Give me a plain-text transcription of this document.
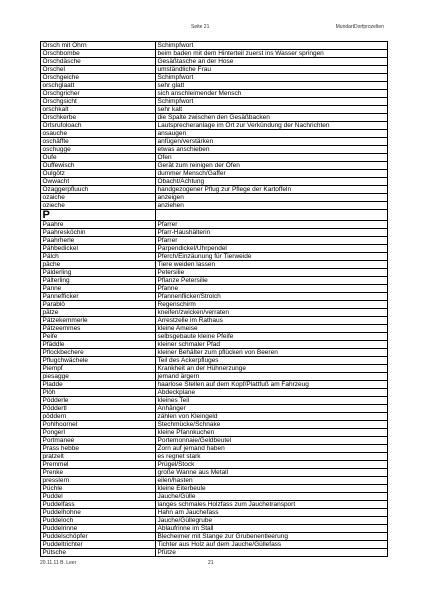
Seite 21	MundartDorfprozelten
Orsch mit Ohrn	Schimpfwort
Orschbombe	beim baden mit dem Hinterteil zuerst ins Wasser springen
Orschdäsche	Gesäßtasche an der Hose
Orschel	umständliche Frau
Orschgeiche	Schimpfwort
orschglaatt	sehr glatt
Orschgricher	sich anschleimender Mensch
Orschgsicht	Schimpfwort
orschkalt	sehr kalt
Orschkerbe	die Spalte zwischen den Gesäßbacken
Ortsrufoloach	Lautsprecheranlage im Ort zur Verkündung der Nachrichten
osauche	ansaugen
oschäffte	anfügen/verstärken
oschugge	etwas anschieben
Oufe	Ofen
Ouffewisch	Gerät zum reinigen der Öfen
Öulgötz	dummer Mensch/Gaffer
Owwacht	Obacht/Achtung
Ozaggerpfluuch	handgezogener Pflug zur Pflege der Kartoffeln
ozaiche	anzeigen
ozieche	anziehen
P	
Paahre	Pfarrer
Paahresköchin	Pfarr-Haushälterin
Paahrherle	Pfarrer
Pähbedickel	Parpendickel/Uhrpendel
Pälch	Pferch/Einzäunung für Tierweide
päche	Tiere weiden lassen
Pälderling	Petersilie
Pälterling	Pflanze Petersilie
Panne	Pfanne
Pannefficker	Pfannenflicker/Strolch
Parablö	Regenschirm
pätze	kneifen/zwicken/verraten
Pätzekemmerle	Arrestzelle im Rathaus
Pätzeemmes	kleine Ameise
Peife	selbsgebaute kleine Pfeife
Pfäddle	kleiner schmaler Pfad
Pflockbechere	kleiner Behälter zum pflücken von Beeren
Pflugchwächele	Teil des Ackerpfluges
Piempf	Krankheit an der Hühnerzunge
piesagge	jemand ärgern
Pladde	haarlose Stellen auf dem Kopf/Plattfuß am Fahrzeug
Plöh	Abdeckplane
Pödderle	kleines Teil
Pöddertl	Anhänger
pöddern	zählen von Kleingeld
Pohlhoornel	Stechmücke/Schnake
Pongerl	kleine Pfannkuchen
Portmanee	Portemonnaie/Geldbeutel
Prass hebbe	Zorn auf jemand haben
pratzelt	es regnet stark
Premmel	Prügel/Stock
Prenke	große Wanne aus Metall
presslern	eilen/hasten
Püchle	kleine Eiterbeule
Puddel	Jauche/Gülle
Puddelfass	langes schmales Holzfass zum Jauchetransport
Puddelhohne	Hahn am Jauchefass
Puddeloch	Jauche/Güllegrube
Puddelrinne	Ablaufrinne im Stall
Puddelschöpfer	Blecheimer mit Stange zur Grubenentleerung
Puddeltrichter	Tichter aus Holz auf dem Jauche/Güllefass
Pütsche	Pfütze
20.11.11 B. Leer	21
